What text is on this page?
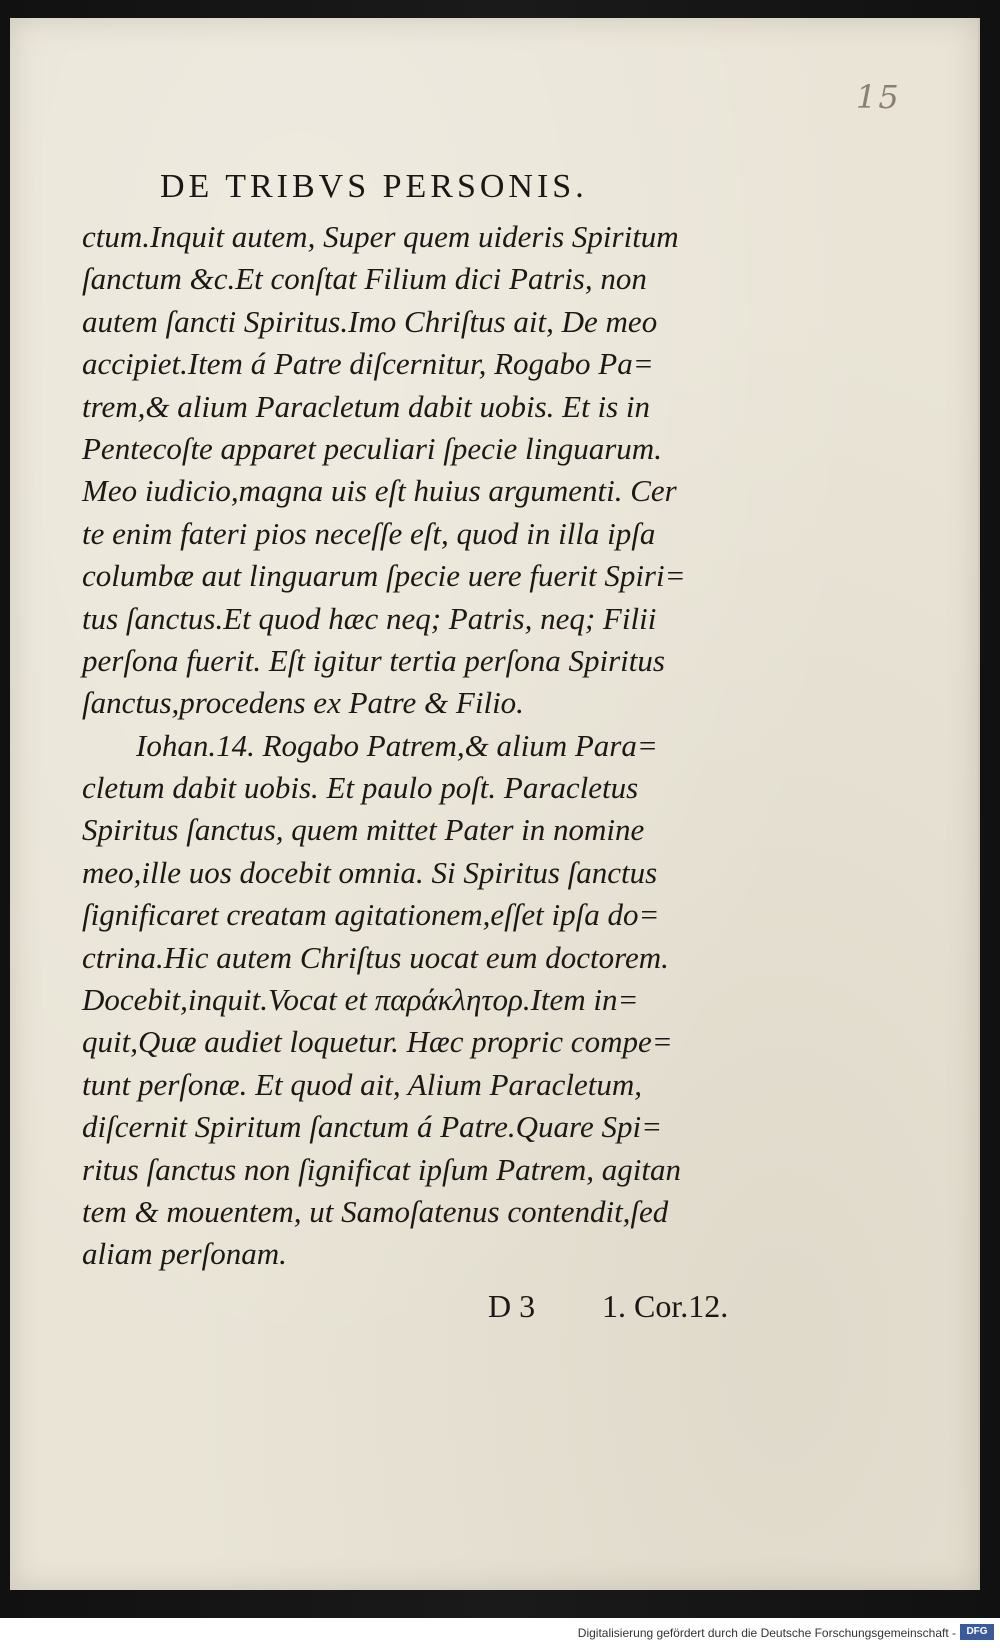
15
DE TRIBVS PERSONIS.
ctum.Inquit autem, Super quem uideris Spiritum
ſanctum &c.Et conſtat Filium dici Patris, non
autem ſancti Spiritus.Imo Chriſtus ait, De meo
accipiet.Item á Patre diſcernitur, Rogabo Pa=
trem,& alium Paracletum dabit uobis. Et is in
Pentecoſte apparet peculiari ſpecie linguarum.
Meo iudicio,magna uis eſt huius argumenti. Cer
te enim fateri pios neceſſe eſt, quod in illa ipſa
columbæ aut linguarum ſpecie uere fuerit Spiri=
tus ſanctus.Et quod hæc neq; Patris, neq; Filii
perſona fuerit. Eſt igitur tertia perſona Spiritus
ſanctus,procedens ex Patre & Filio.
Iohan.14. Rogabo Patrem,& alium Para=
cletum dabit uobis. Et paulo poſt. Paracletus
Spiritus ſanctus, quem mittet Pater in nomine
meo,ille uos docebit omnia. Si Spiritus ſanctus
ſignificaret creatam agitationem,eſſet ipſa do=
ctrina.Hic autem Chriſtus uocat eum doctorem.
Docebit,inquit.Vocat et παράκλητορ.Item in=
quit,Quæ audiet loquetur. Hæc propric compe=
tunt perſonæ. Et quod ait, Alium Paracletum,
diſcernit Spiritum ſanctum á Patre.Quare Spi=
ritus ſanctus non ſignificat ipſum Patrem, agitan
tem & mouentem, ut Samoſatenus contendit,ſed
aliam perſonam.
D 3 1. Cor.12.
Digitalisierung gefördert durch die Deutsche Forschungsgemeinschaft -	DFG
